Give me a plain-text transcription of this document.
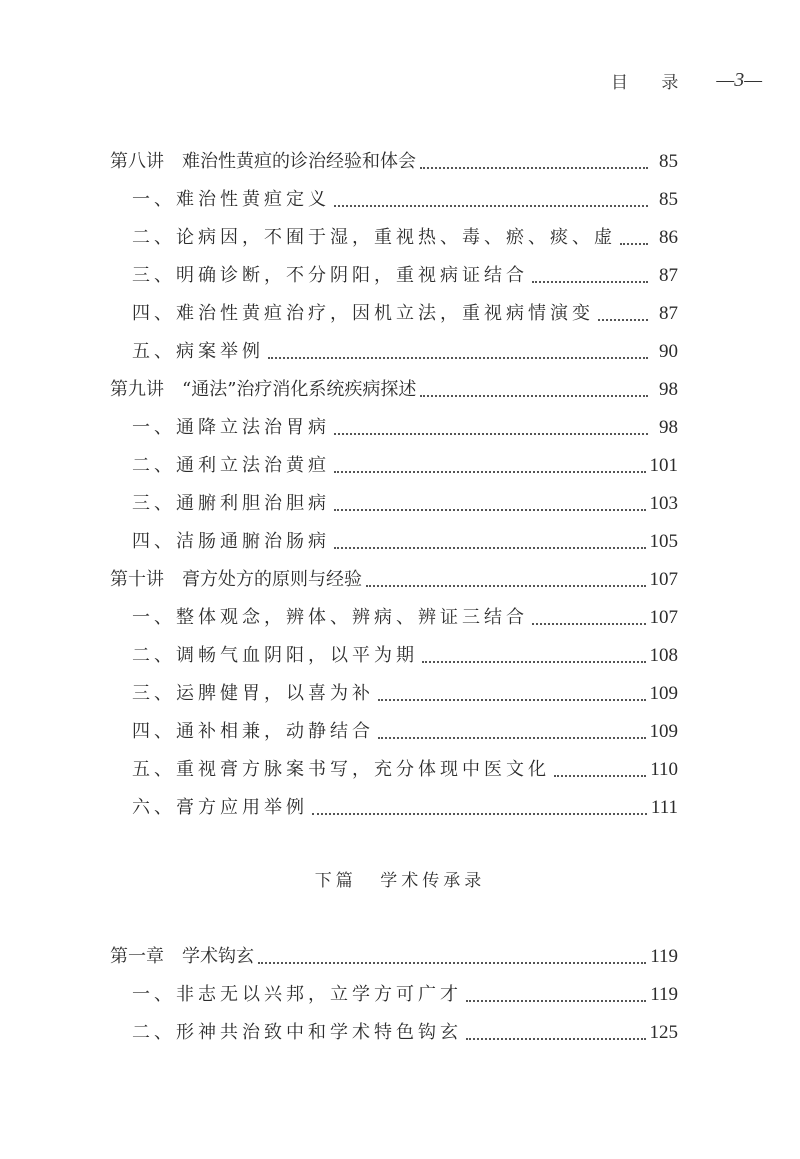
目 录 —3—
第八讲 难治性黄疸的诊治经验和体会	85
一、难治性黄疸定义	85
二、论病因，不囿于湿，重视热、毒、瘀、痰、虚	86
三、明确诊断，不分阴阳，重视病证结合	87
四、难治性黄疸治疗，因机立法，重视病情演变	87
五、病案举例	90
第九讲 “通法”治疗消化系统疾病探述	98
一、通降立法治胃病	98
二、通利立法治黄疸	101
三、通腑利胆治胆病	103
四、洁肠通腑治肠病	105
第十讲 膏方处方的原则与经验	107
一、整体观念，辨体、辨病、辨证三结合	107
二、调畅气血阴阳，以平为期	108
三、运脾健胃，以喜为补	109
四、通补相兼，动静结合	109
五、重视膏方脉案书写，充分体现中医文化	110
六、膏方应用举例	111
下篇 学术传承录
第一章 学术钩玄	119
一、非志无以兴邦，立学方可广才	119
二、形神共治致中和学术特色钩玄	125
